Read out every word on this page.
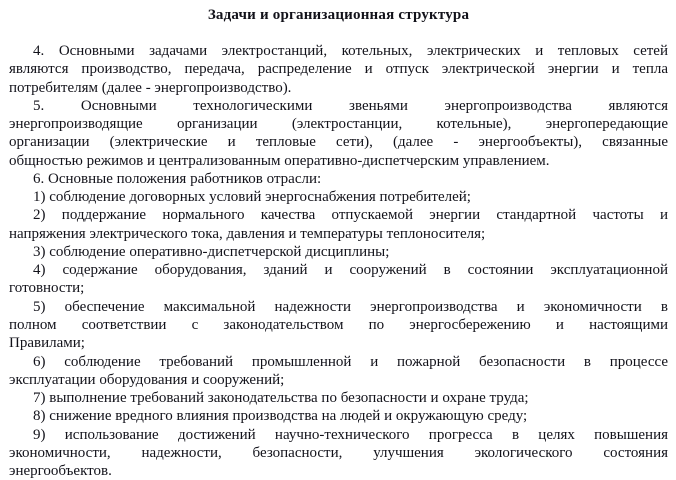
Задачи и организационная структура
4. Основными задачами электростанций, котельных, электрических и тепловых сетей
являются производство, передача, распределение и отпуск электрической энергии и тепла
потребителям (далее - энергопроизводство).
5. Основными технологическими звеньями энергопроизводства являются
энергопроизводящие организации (электростанции, котельные), энергопередающие
организации (электрические и тепловые сети), (далее - энергообъекты), связанные
общностью режимов и централизованным оперативно-диспетчерским управлением.
6. Основные положения работников отрасли:
1) соблюдение договорных условий энергоснабжения потребителей;
2) поддержание нормального качества отпускаемой энергии стандартной частоты и
напряжения электрического тока, давления и температуры теплоносителя;
3) соблюдение оперативно-диспетчерской дисциплины;
4) содержание оборудования, зданий и сооружений в состоянии эксплуатационной
готовности;
5) обеспечение максимальной надежности энергопроизводства и экономичности в
полном соответствии с законодательством по энергосбережению и настоящими
Правилами;
6) соблюдение требований промышленной и пожарной безопасности в процессе
эксплуатации оборудования и сооружений;
7) выполнение требований законодательства по безопасности и охране труда;
8) снижение вредного влияния производства на людей и окружающую среду;
9) использование достижений научно-технического прогресса в целях повышения
экономичности, надежности, безопасности, улучшения экологического состояния
энергообъектов.
